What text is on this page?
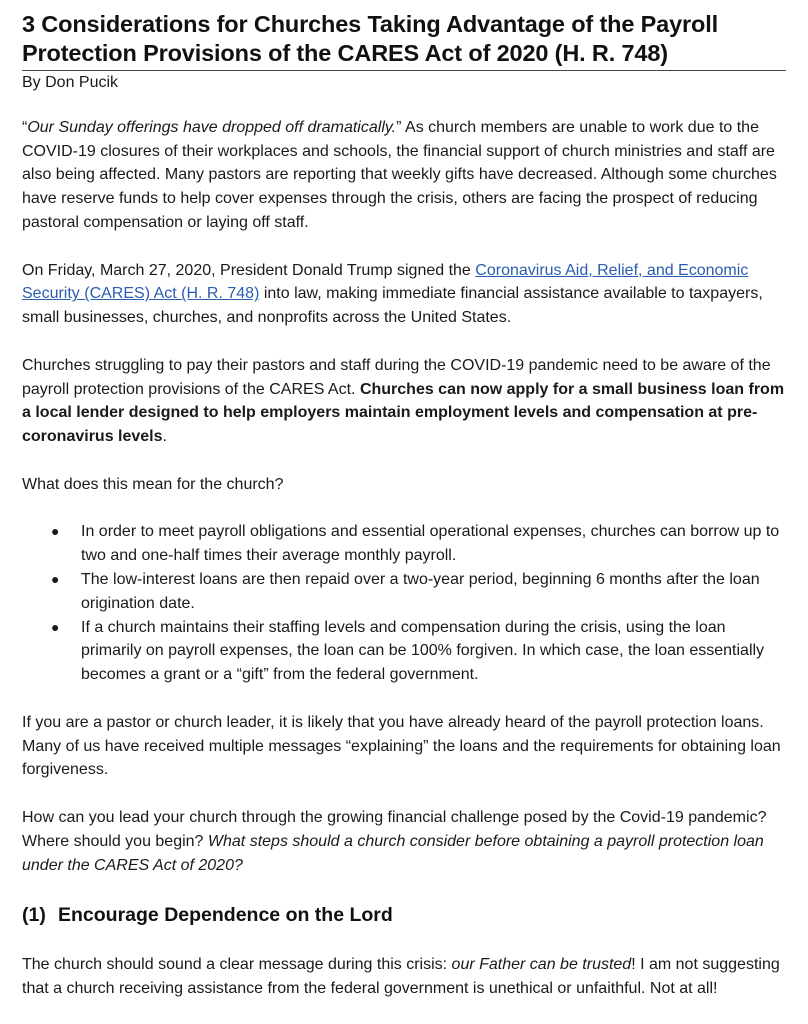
3 Considerations for Churches Taking Advantage of the Payroll Protection Provisions of the CARES Act of 2020 (H. R. 748)
By Don Pucik

“Our Sunday offerings have dropped off dramatically.” As church members are unable to work due to the COVID-19 closures of their workplaces and schools, the financial support of church ministries and staff are also being affected. Many pastors are reporting that weekly gifts have decreased. Although some churches have reserve funds to help cover expenses through the crisis, others are facing the prospect of reducing pastoral compensation or laying off staff.

On Friday, March 27, 2020, President Donald Trump signed the Coronavirus Aid, Relief, and Economic Security (CARES) Act (H. R. 748) into law, making immediate financial assistance available to taxpayers, small businesses, churches, and nonprofits across the United States.

Churches struggling to pay their pastors and staff during the COVID-19 pandemic need to be aware of the payroll protection provisions of the CARES Act. Churches can now apply for a small business loan from a local lender designed to help employers maintain employment levels and compensation at pre-coronavirus levels.

What does this mean for the church?

● In order to meet payroll obligations and essential operational expenses, churches can borrow up to two and one-half times their average monthly payroll.
● The low-interest loans are then repaid over a two-year period, beginning 6 months after the loan origination date.
● If a church maintains their staffing levels and compensation during the crisis, using the loan primarily on payroll expenses, the loan can be 100% forgiven. In which case, the loan essentially becomes a grant or a “gift” from the federal government.

If you are a pastor or church leader, it is likely that you have already heard of the payroll protection loans. Many of us have received multiple messages “explaining” the loans and the requirements for obtaining loan forgiveness.

How can you lead your church through the growing financial challenge posed by the Covid-19 pandemic? Where should you begin? What steps should a church consider before obtaining a payroll protection loan under the CARES Act of 2020?

(1) Encourage Dependence on the Lord

The church should sound a clear message during this crisis: our Father can be trusted! I am not suggesting that a church receiving assistance from the federal government is unethical or unfaithful. Not at all!
